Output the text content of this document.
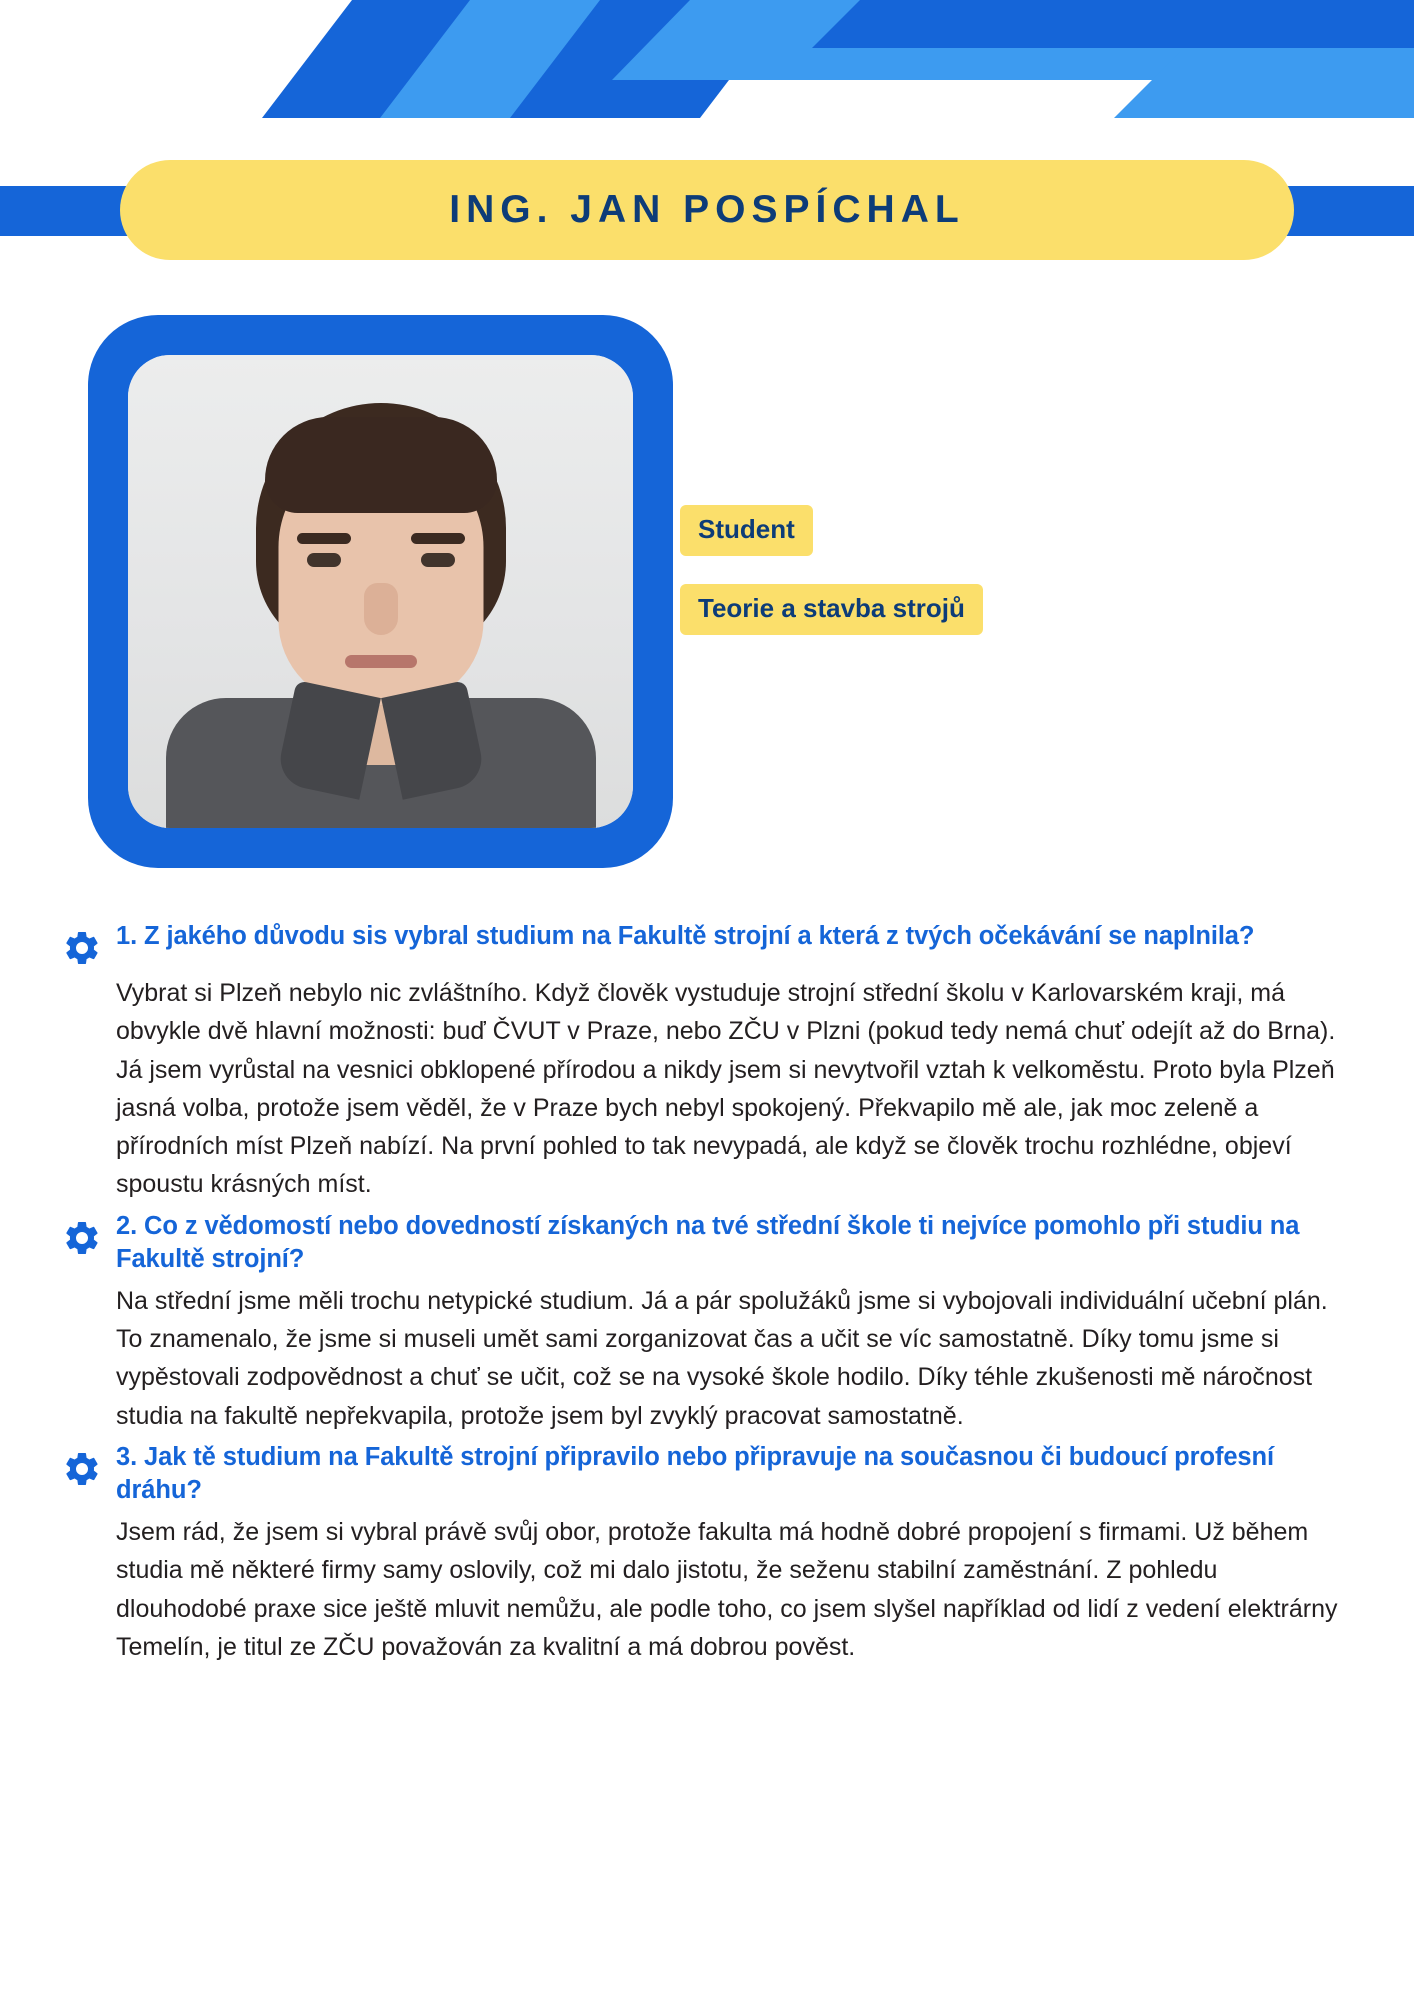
ING. JAN POSPÍCHAL
Student
Teorie a stavba strojů
1. Z jakého důvodu sis vybral studium na Fakultě strojní a která z tvých očekávání se naplnila?
Vybrat si Plzeň nebylo nic zvláštního. Když člověk vystuduje strojní střední školu v Karlovarském kraji, má obvykle dvě hlavní možnosti: buď ČVUT v Praze, nebo ZČU v Plzni (pokud tedy nemá chuť odejít až do Brna). Já jsem vyrůstal na vesnici obklopené přírodou a nikdy jsem si nevytvořil vztah k velkoměstu. Proto byla Plzeň jasná volba, protože jsem věděl, že v Praze bych nebyl spokojený. Překvapilo mě ale, jak moc zeleně a přírodních míst Plzeň nabízí. Na první pohled to tak nevypadá, ale když se člověk trochu rozhlédne, objeví spoustu krásných míst.
2. Co z vědomostí nebo dovedností získaných na tvé střední škole ti nejvíce pomohlo při studiu na Fakultě strojní?
Na střední jsme měli trochu netypické studium. Já a pár spolužáků jsme si vybojovali individuální učební plán. To znamenalo, že jsme si museli umět sami zorganizovat čas a učit se víc samostatně. Díky tomu jsme si vypěstovali zodpovědnost a chuť se učit, což se na vysoké škole hodilo. Díky téhle zkušenosti mě náročnost studia na fakultě nepřekvapila, protože jsem byl zvyklý pracovat samostatně.
3. Jak tě studium na Fakultě strojní připravilo nebo připravuje na současnou či budoucí profesní dráhu?
Jsem rád, že jsem si vybral právě svůj obor, protože fakulta má hodně dobré propojení s firmami. Už během studia mě některé firmy samy oslovily, což mi dalo jistotu, že seženu stabilní zaměstnání. Z pohledu dlouhodobé praxe sice ještě mluvit nemůžu, ale podle toho, co jsem slyšel například od lidí z vedení elektrárny Temelín, je titul ze ZČU považován za kvalitní a má dobrou pověst.
